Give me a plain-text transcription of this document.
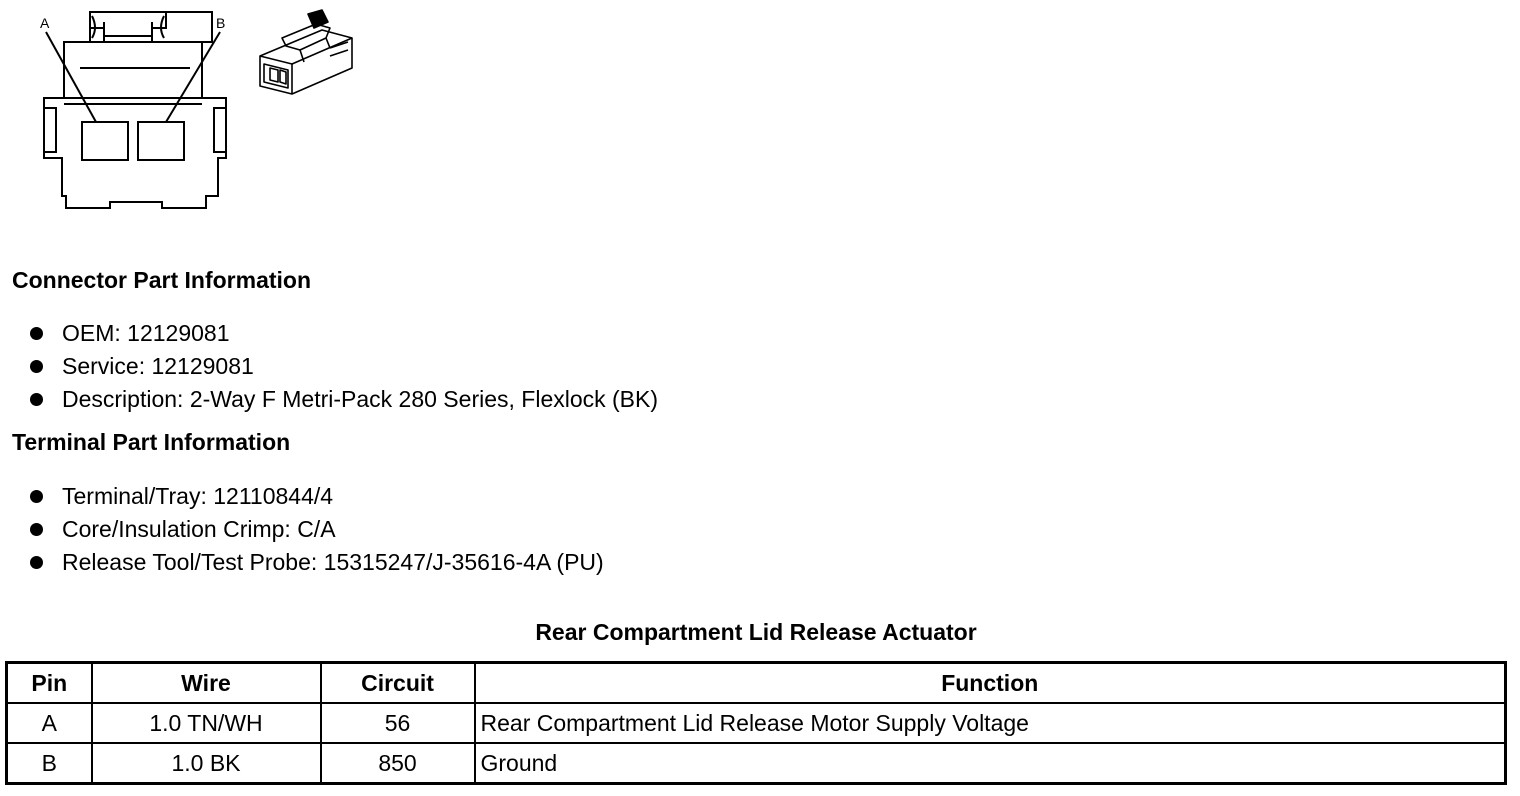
A	B
Connector Part Information
OEM: 12129081
Service: 12129081
Description: 2-Way F Metri-Pack 280 Series, Flexlock (BK)
Terminal Part Information
Terminal/Tray: 12110844/4
Core/Insulation Crimp: C/A
Release Tool/Test Probe: 15315247/J-35616-4A (PU)
Rear Compartment Lid Release Actuator
Pin	Wire	Circuit	Function
A	1.0 TN/WH	56	Rear Compartment Lid Release Motor Supply Voltage
B	1.0 BK	850	Ground
